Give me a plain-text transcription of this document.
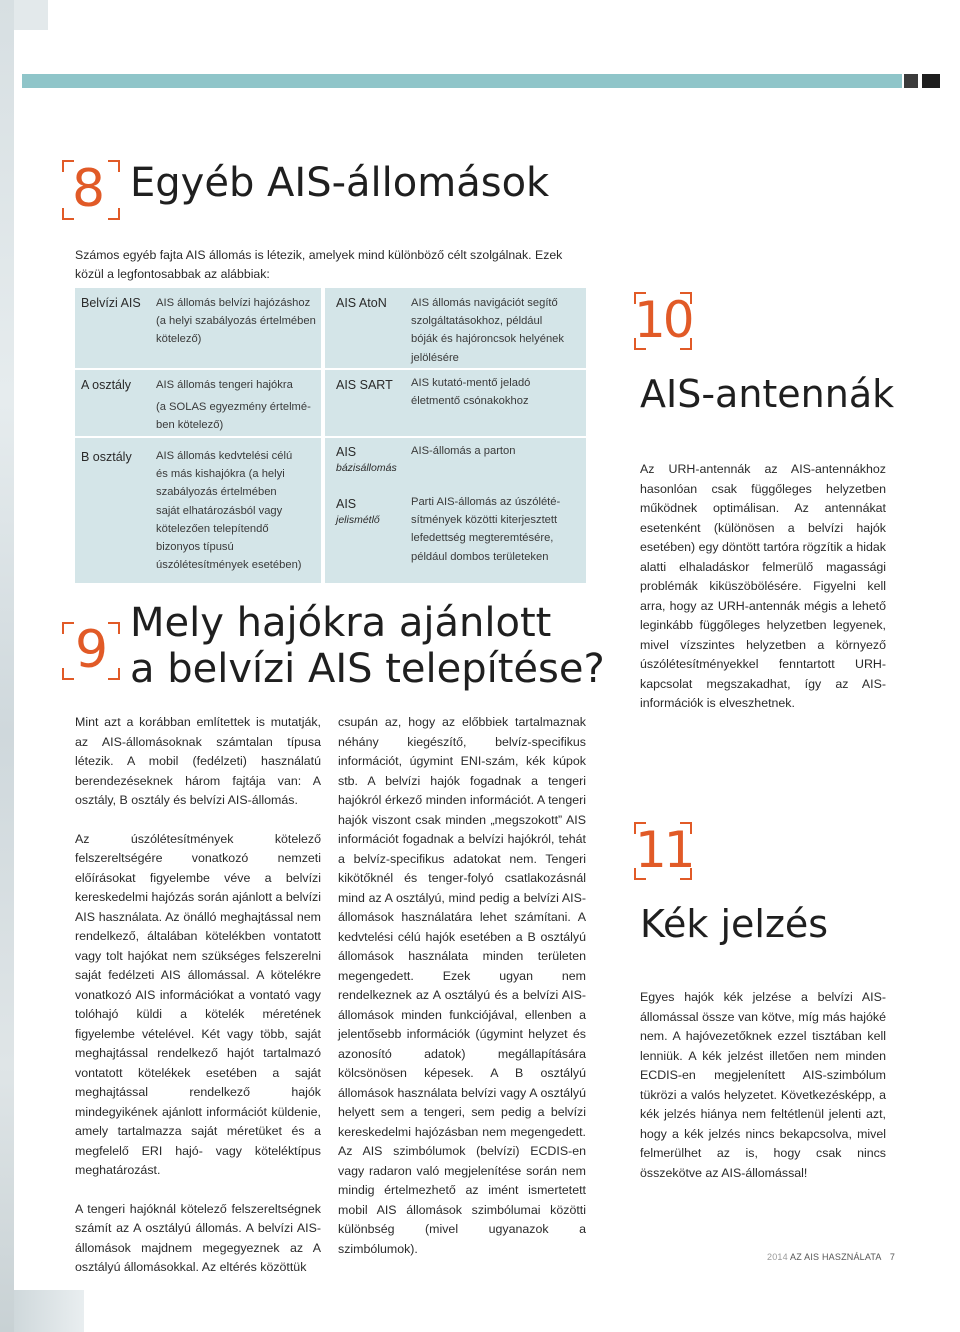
8 Egyéb AIS-állomások
Számos egyéb fajta AIS állomás is létezik, amelyek mind különböző célt szolgálnak. Ezek
közül a legfontosabbak az alábbiak:
Belvízi AIS AIS állomás belvízi hajózáshoz
(a helyi szabályozás értelmében
kötelező)
A osztály AIS állomás tengeri hajókra
(a SOLAS egyezmény értelmé-
ben kötelező)
B osztály AIS állomás kedvtelési célú
és más kishajókra (a helyi
szabályozás értelmében
saját elhatározásból vagy
kötelezően telepítendő
bizonyos típusú
úszólétesítmények esetében)
AIS AtoN AIS állomás navigációt segítő
szolgáltatásokhoz, például
bóják és hajóroncsok helyének
jelölésére
AIS SART AIS kutató-mentő jeladó
életmentő csónakokhoz
AIS
bázisállomás
AIS-állomás a parton
AIS
jelismétlő
Parti AIS-állomás az úszólété-
sítmények közötti kiterjesztett
lefedettség megteremtésére,
például dombos területeken
9 Mely hajókra ajánlott
a belvízi AIS telepítése?

Mint azt a korábban említettek is mutatják, az AIS-állomásoknak számtalan típusa létezik. A mobil (fedélzeti) használatú berendezéseknek három fajtája van: A osztály, B osztály és belvízi AIS-állomás.

Az úszólétesítmények kötelező felszereltségére vonatkozó nemzeti előírásokat figyelembe véve a belvízi kereskedelmi hajózás során ajánlott a belvízi AIS használata. Az önálló meghajtással nem rendelkező, általában kötelékben vontatott vagy tolt hajókat nem szükséges felszerelni saját fedélzeti AIS állomással. A kötelékre vonatkozó AIS információkat a vontató vagy tolóhajó küldi a kötelék méretének figyelembe vételével. Két vagy több, saját meghajtással rendelkező hajót tartalmazó vontatott kötelékek esetében a saját meghajtással rendelkező hajók mindegyikének ajánlott információt küldenie, amely tartalmazza saját méretüket és a megfelelő ERI hajó- vagy köteléktípus meghatározást.

A tengeri hajóknál kötelező felszereltségnek számít az A osztályú állomás. A belvízi AIS-állomások majdnem megegyeznek az A osztályú állomásokkal. Az eltérés közöttük

csupán az, hogy az előbbiek tartalmaznak néhány kiegészítő, belvíz-specifikus információt, úgymint ENI-szám, kék kúpok stb. A belvízi hajók fogadnak a tengeri hajókról érkező minden információt. A tengeri hajók viszont csak minden „megszokott” AIS információt fogadnak a belvízi hajókról, tehát a belvíz-specifikus adatokat nem. Tengeri kikötőknél és tenger-folyó csatlakozásnál mind az A osztályú, mind pedig a belvízi AIS-állomások használatára lehet számítani. A kedvtelési célú hajók esetében a B osztályú állomások használata minden területen megengedett. Ezek ugyan nem rendelkeznek az A osztályú és a belvízi AIS-állomások minden funkciójával, ellenben a jelentősebb információk (úgymint helyzet és azonosító adatok) megállapítására kölcsönösen képesek. A B osztályú állomások használata belvízi vagy A osztályú helyett sem a tengeri, sem pedig a belvízi kereskedelmi hajózásban nem megengedett. Az AIS szimbólumok (belvízi) ECDIS-en vagy radaron való megjelenítése során nem mindig értelmezhető az imént ismertetett mobil AIS állomások szimbólumai közötti különbség (mivel ugyanazok a szimbólumok).

10
AIS-antennák

Az URH-antennák az AIS-antennákhoz hasonlóan csak függőleges helyzetben működnek optimálisan. Az antennákat esetenként (különösen a belvízi hajók esetében) egy döntött tartóra rögzítik a hidak alatti elhaladáskor felmerülő magassági problémák kiküszöbölésére. Figyelni kell arra, hogy az URH-antennák mégis a lehető leginkább függőleges helyzetben legyenek, mivel vízszintes helyzetben a környező úszólétesítményekkel fenntartott URH-kapcsolat megszakadhat, így az AIS-információk is elveszhetnek.

11
Kék jelzés

Egyes hajók kék jelzése a belvízi AIS-állomással össze van kötve, míg más hajóké nem. A hajóvezetőknek ezzel tisztában kell lenniük. A kék jelzést illetően nem minden ECDIS-en megjelenített AIS-szimbólum tükrözi a valós helyzetet. Következésképp, a kék jelzés hiánya nem feltétlenül jelenti azt, hogy a kék jelzés nincs bekapcsolva, mivel felmerülhet az is, hogy csak nincs összekötve az AIS-állomással!

2014 AZ AIS HASZNÁLATA 7
